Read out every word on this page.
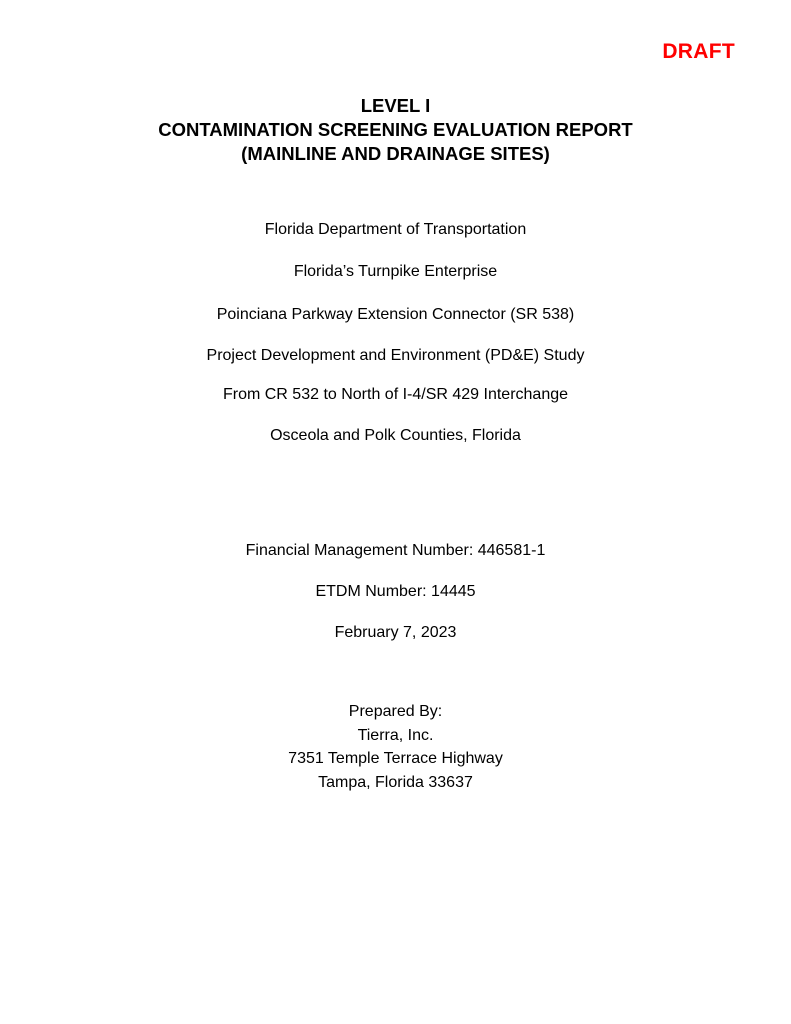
DRAFT
LEVEL I
CONTAMINATION SCREENING EVALUATION REPORT
(MAINLINE AND DRAINAGE SITES)
Florida Department of Transportation
Florida’s Turnpike Enterprise
Poinciana Parkway Extension Connector (SR 538)
Project Development and Environment (PD&E) Study
From CR 532 to North of I-4/SR 429 Interchange
Osceola and Polk Counties, Florida
Financial Management Number: 446581-1
ETDM Number: 14445
February 7, 2023
Prepared By:
Tierra, Inc.
7351 Temple Terrace Highway
Tampa, Florida 33637
